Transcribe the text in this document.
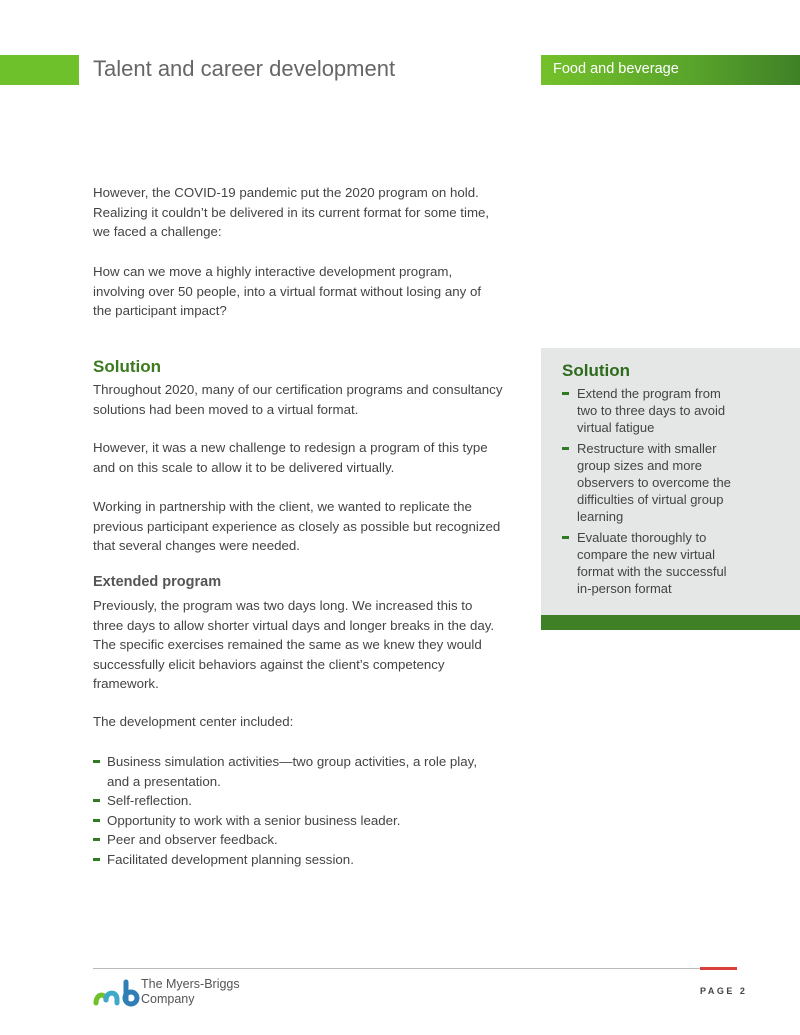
Talent and career development	Food and beverage
However, the COVID-19 pandemic put the 2020 program on hold. Realizing it couldn’t be delivered in its current format for some time, we faced a challenge:
How can we move a highly interactive development program, involving over 50 people, into a virtual format without losing any of the participant impact?
Solution
Throughout 2020, many of our certification programs and consultancy solutions had been moved to a virtual format.
However, it was a new challenge to redesign a program of this type and on this scale to allow it to be delivered virtually.
Working in partnership with the client, we wanted to replicate the previous participant experience as closely as possible but recognized that several changes were needed.
Extended program
Previously, the program was two days long. We increased this to three days to allow shorter virtual days and longer breaks in the day. The specific exercises remained the same as we knew they would successfully elicit behaviors against the client’s competency framework.
The development center included:
Business simulation activities—two group activities, a role play, and a presentation.
Self-reflection.
Opportunity to work with a senior business leader.
Peer and observer feedback.
Facilitated development planning session.
Solution
Extend the program from two to three days to avoid virtual fatigue
Restructure with smaller group sizes and more observers to overcome the difficulties of virtual group learning
Evaluate thoroughly to compare the new virtual format with the successful in-person format
The Myers-Briggs
Company
PAGE 2
